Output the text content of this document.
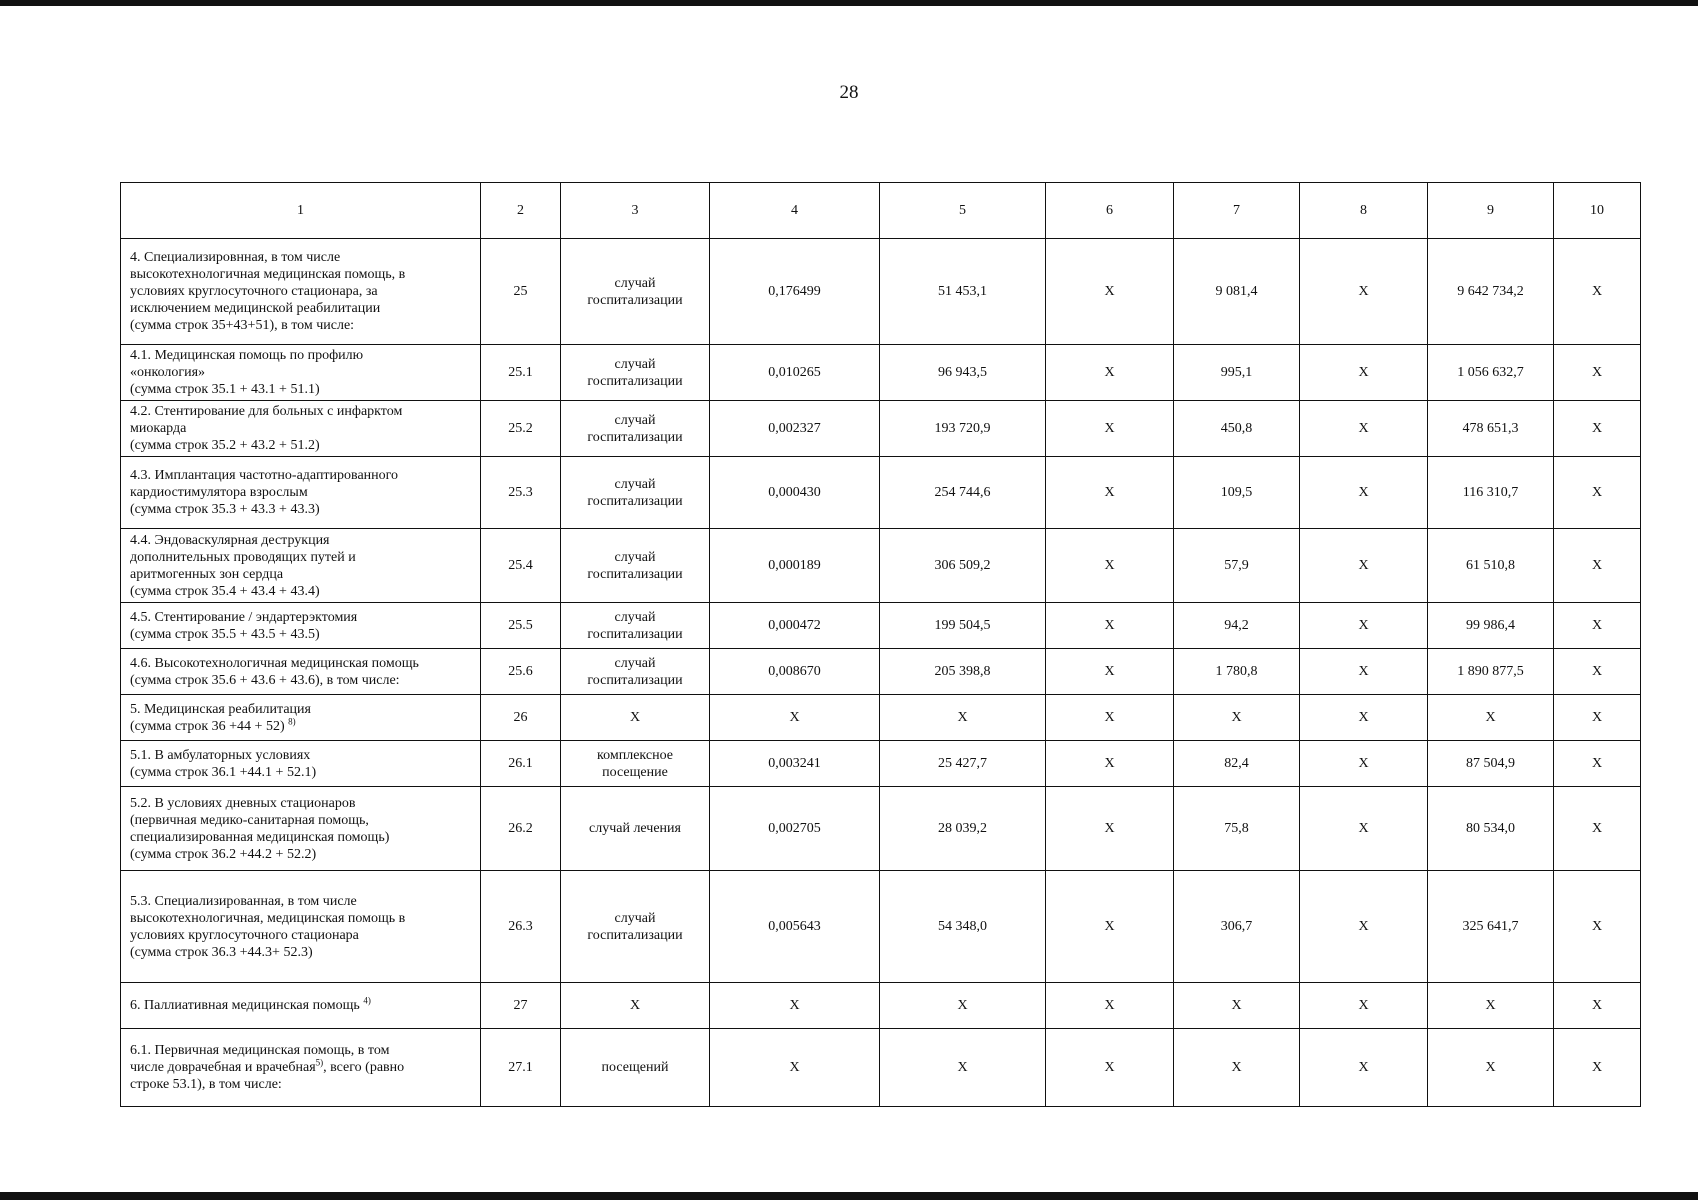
28
1	2	3	4	5	6	7	8	9	10
4. Специализировнная, в том числе
высокотехнологичная медицинская помощь, в
условиях круглосуточного стационара, за
исключением медицинской реабилитации
(сумма строк 35+43+51), в том числе:	25	случай госпитализации	0,176499	51 453,1	X	9 081,4	X	9 642 734,2	X
4.1. Медицинская помощь по профилю
«онкология»
(сумма строк 35.1 + 43.1 + 51.1)	25.1	случай госпитализации	0,010265	96 943,5	X	995,1	X	1 056 632,7	X
4.2. Стентирование для больных с инфарктом
миокарда
(сумма строк 35.2 + 43.2 + 51.2)	25.2	случай госпитализации	0,002327	193 720,9	X	450,8	X	478 651,3	X
4.3. Имплантация частотно-адаптированного
кардиостимулятора взрослым
(сумма строк 35.3 + 43.3 + 43.3)	25.3	случай госпитализации	0,000430	254 744,6	X	109,5	X	116 310,7	X
4.4. Эндоваскулярная деструкция
дополнительных проводящих путей и
аритмогенных зон сердца
(сумма строк 35.4 + 43.4 + 43.4)	25.4	случай госпитализации	0,000189	306 509,2	X	57,9	X	61 510,8	X
4.5. Стентирование / эндартерэктомия
(сумма строк 35.5 + 43.5 + 43.5)	25.5	случай госпитализации	0,000472	199 504,5	X	94,2	X	99 986,4	X
4.6. Высокотехнологичная медицинская помощь
(сумма строк 35.6 + 43.6 + 43.6), в том числе:	25.6	случай госпитализации	0,008670	205 398,8	X	1 780,8	X	1 890 877,5	X
5. Медицинская реабилитация
(сумма строк 36 +44 + 52) $^{8)}$	26	X	X	X	X	X	X	X	X
5.1. В амбулаторных условиях
(сумма строк 36.1 +44.1 + 52.1)	26.1	комплексное посещение	0,003241	25 427,7	X	82,4	X	87 504,9	X
5.2. В условиях дневных стационаров
(первичная медико-санитарная помощь,
специализированная медицинская помощь)
(сумма строк 36.2 +44.2 + 52.2)	26.2	случай лечения	0,002705	28 039,2	X	75,8	X	80 534,0	X
5.3. Специализированная, в том числе
высокотехнологичная, медицинская помощь в
условиях круглосуточного стационара
(сумма строк 36.3 +44.3+ 52.3)	26.3	случай госпитализации	0,005643	54 348,0	X	306,7	X	325 641,7	X
6. Паллиативная медицинская помощь $^{4)}$	27	X	X	X	X	X	X	X	X
6.1. Первичная медицинская помощь, в том
числе доврачебная и врачебная$^{5)}$, всего (равно
строке 53.1), в том числе:	27.1	посещений	X	X	X	X	X	X	X
